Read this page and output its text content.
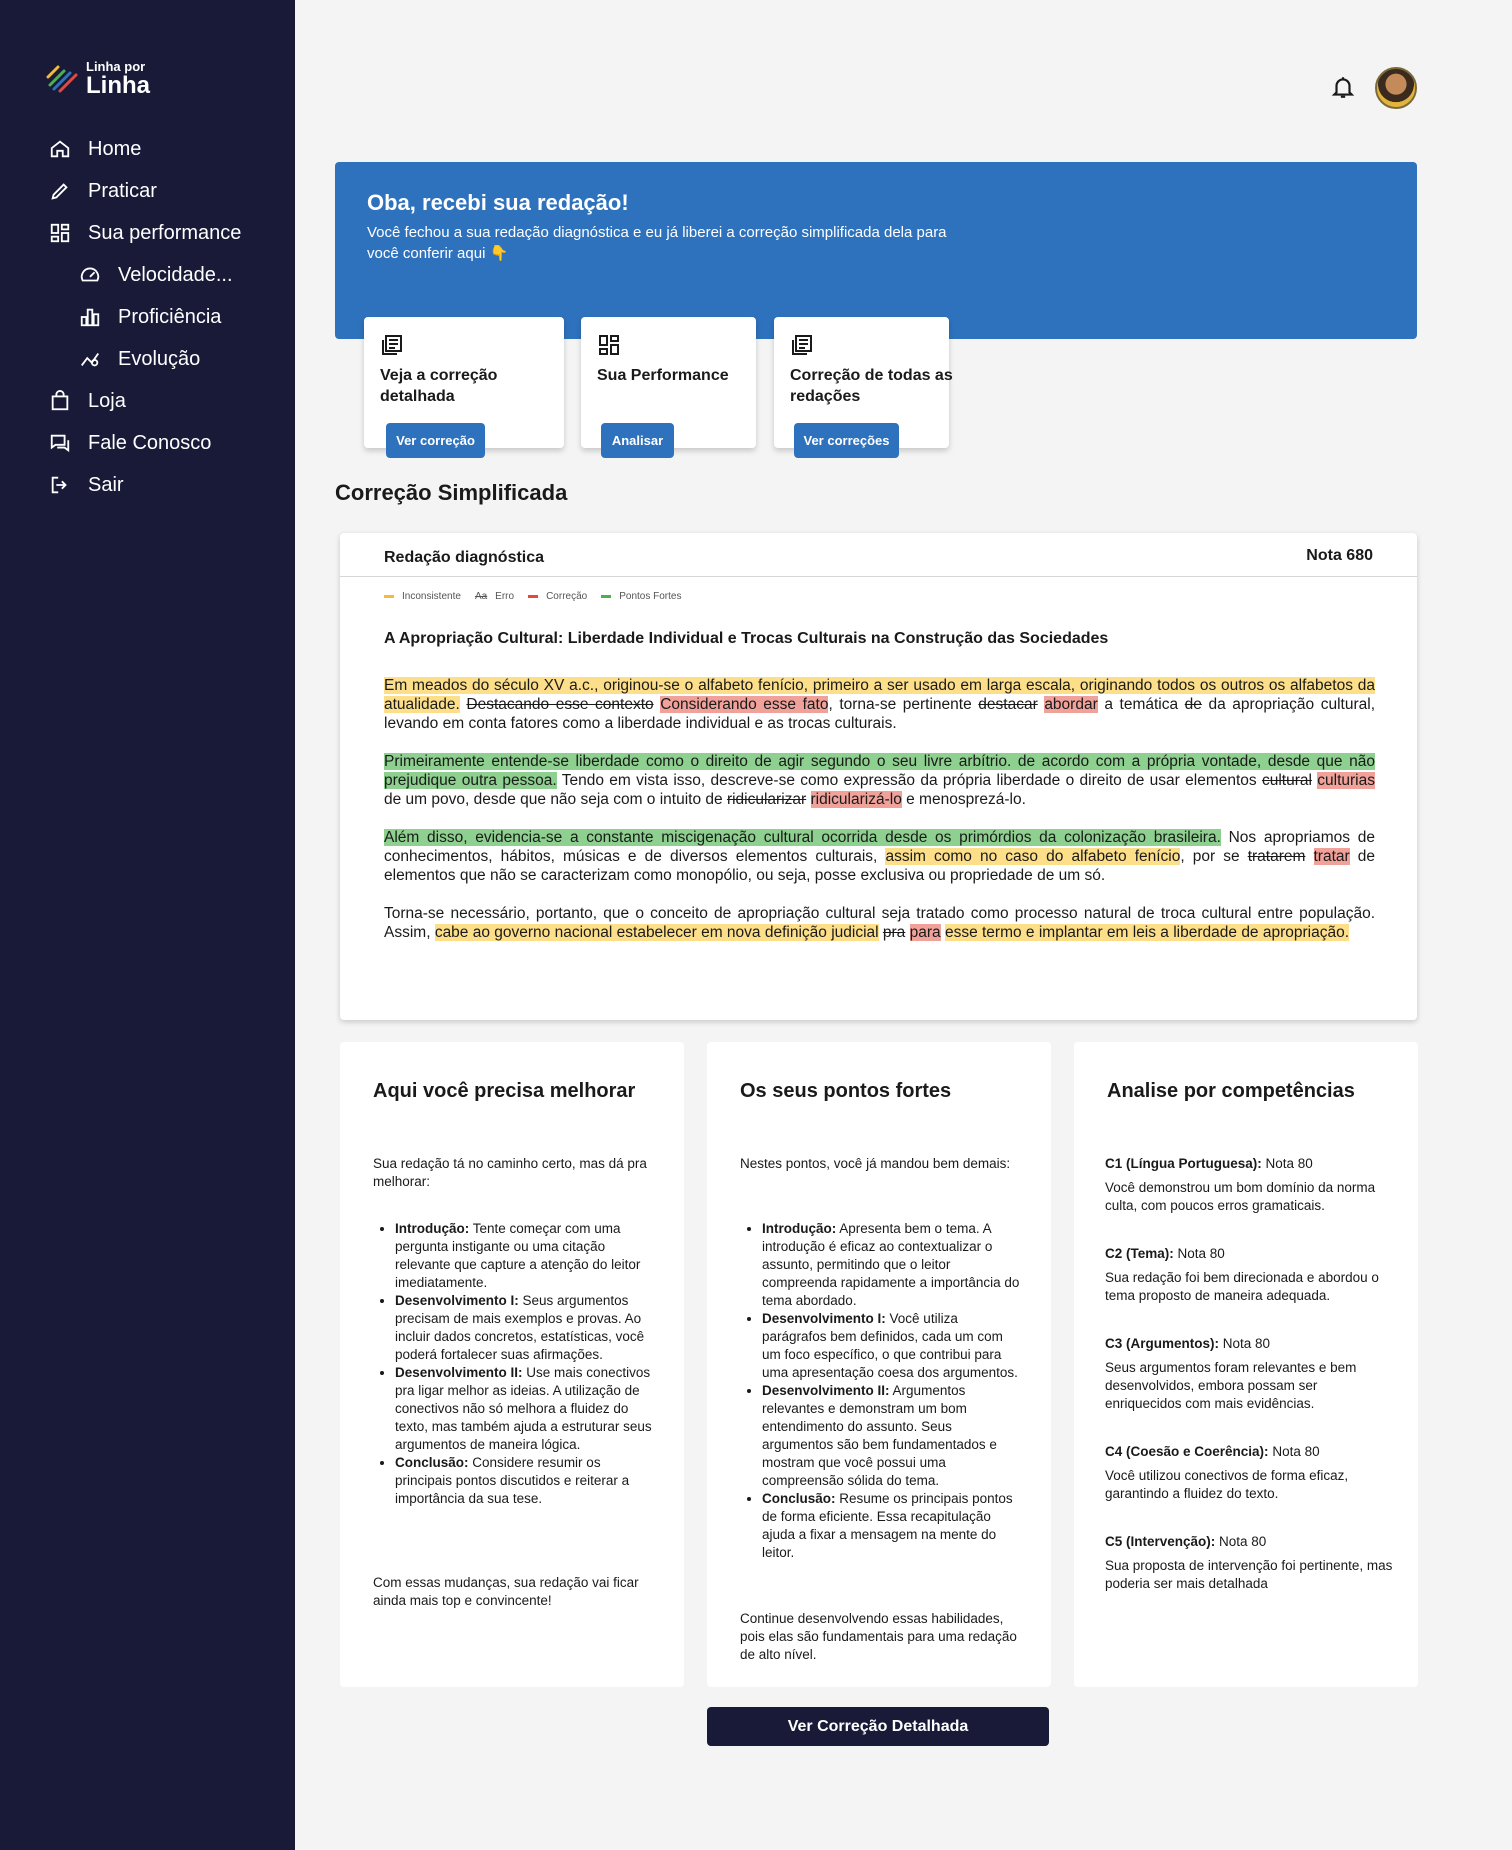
Linha por
Linha
Home
Praticar
Sua performance
Velocidade...
Proficiência
Evolução
Loja
Fale Conosco
Sair
Oba, recebi sua redação!

Você fechou a sua redação diagnóstica e eu já liberei a correção simplificada dela para você conferir aqui 👇

Veja a correção detalhada
Ver correção
Sua Performance
Analisar
Correção de todas as redações
Ver correções
Correção Simplificada
Redação diagnóstica	Nota 680
Inconsistente Aa Erro	Correção	Pontos Fortes
A Apropriação Cultural: Liberdade Individual e Trocas Culturais na Construção das Sociedades

Em meados do século XV a.c., originou-se o alfabeto fenício, primeiro a ser usado em larga escala, originando todos os outros os alfabetos da atualidade. Destacando esse contexto Considerando esse fato, torna-se pertinente destacar abordar a temática de da apropriação cultural, levando em conta fatores como a liberdade individual e as trocas culturais.

Primeiramente entende-se liberdade como o direito de agir segundo o seu livre arbítrio. de acordo com a própria vontade, desde que não prejudique outra pessoa. Tendo em vista isso, descreve-se como expressão da própria liberdade o direito de usar elementos cultural culturias de um povo, desde que não seja com o intuito de ridicularizar ridicularizá-lo e menosprezá-lo.

Além disso, evidencia-se a constante miscigenação cultural ocorrida desde os primórdios da colonização brasileira. Nos apropriamos de conhecimentos, hábitos, músicas e de diversos elementos culturais, assim como no caso do alfabeto fenício, por se tratarem tratar de elementos que não se caracterizam como monopólio, ou seja, posse exclusiva ou propriedade de um só.

Torna-se necessário, portanto, que o conceito de apropriação cultural seja tratado como processo natural de troca cultural entre população. Assim, cabe ao governo nacional estabelecer em nova definição judicial pra para esse termo e implantar em leis a liberdade de apropriação.

Aqui você precisa melhorar
Sua redação tá no caminho certo, mas dá pra melhorar:
• Introdução: Tente começar com uma pergunta instigante ou uma citação relevante que capture a atenção do leitor imediatamente.
• Desenvolvimento I: Seus argumentos precisam de mais exemplos e provas. Ao incluir dados concretos, estatísticas, você poderá fortalecer suas afirmações.
• Desenvolvimento II: Use mais conectivos pra ligar melhor as ideias. A utilização de conectivos não só melhora a fluidez do texto, mas também ajuda a estruturar seus argumentos de maneira lógica.
• Conclusão: Considere resumir os principais pontos discutidos e reiterar a importância da sua tese.
Com essas mudanças, sua redação vai ficar ainda mais top e convincente!
Os seus pontos fortes
Nestes pontos, você já mandou bem demais:
• Introdução: Apresenta bem o tema. A introdução é eficaz ao contextualizar o assunto, permitindo que o leitor compreenda rapidamente a importância do tema abordado.
• Desenvolvimento I: Você utiliza parágrafos bem definidos, cada um com um foco específico, o que contribui para uma apresentação coesa dos argumentos.
• Desenvolvimento II: Argumentos relevantes e demonstram um bom entendimento do assunto. Seus argumentos são bem fundamentados e mostram que você possui uma compreensão sólida do tema.
• Conclusão: Resume os principais pontos de forma eficiente. Essa recapitulação ajuda a fixar a mensagem na mente do leitor.
Continue desenvolvendo essas habilidades, pois elas são fundamentais para uma redação de alto nível.
Analise por competências
C1 (Língua Portuguesa): Nota 80
Você demonstrou um bom domínio da norma culta, com poucos erros gramaticais.
C2 (Tema): Nota 80
Sua redação foi bem direcionada e abordou o tema proposto de maneira adequada.
C3 (Argumentos): Nota 80
Seus argumentos foram relevantes e bem desenvolvidos, embora possam ser enriquecidos com mais evidências.
C4 (Coesão e Coerência): Nota 80
Você utilizou conectivos de forma eficaz, garantindo a fluidez do texto.
C5 (Intervenção): Nota 80
Sua proposta de intervenção foi pertinente, mas poderia ser mais detalhada
Ver Correção Detalhada
